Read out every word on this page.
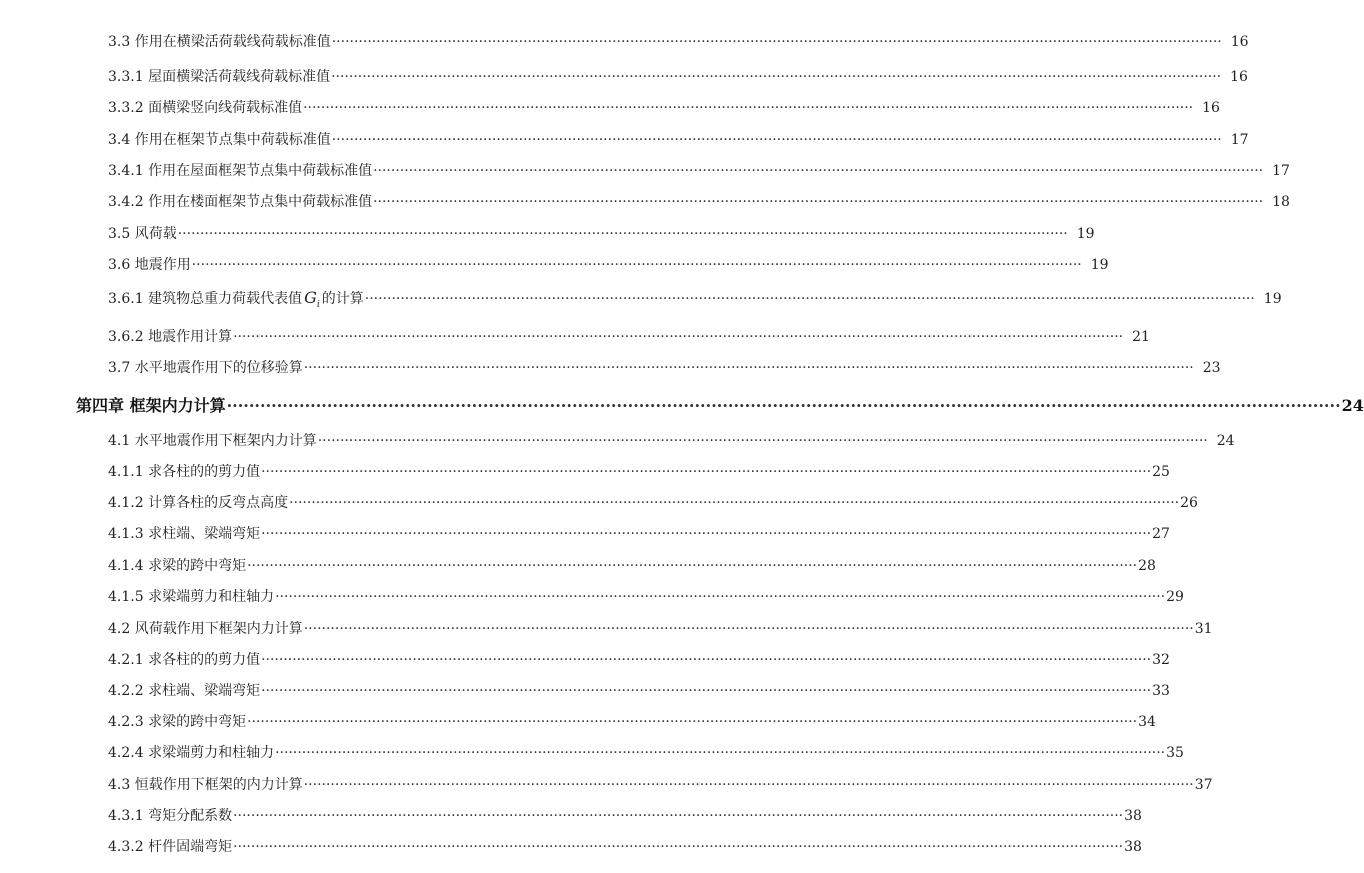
3.3 作用在横梁活荷载线荷载标准值 ········································································································································································································ 16
3.3.1 屋面横梁活荷载线荷载标准值 ········································································································································································································ 16
3.3.2 面横梁竖向线荷载标准值 ········································································································································································································ 16
3.4 作用在框架节点集中荷载标准值 ········································································································································································································ 17
3.4.1 作用在屋面框架节点集中荷载标准值 ········································································································································································································ 17
3.4.2 作用在楼面框架节点集中荷载标准值 ········································································································································································································ 18
3.5 风荷载 ········································································································································································································ 19
3.6 地震作用 ········································································································································································································ 19
3.6.1 建筑物总重力荷载代表值 $G_i$ 的计算 ········································································································································································································ 19
3.6.2 地震作用计算 ········································································································································································································ 21
3.7 水平地震作用下的位移验算 ········································································································································································································ 23
第四章 框架内力计算 ········································································································································································································ 24
4.1 水平地震作用下框架内力计算 ········································································································································································································ 24
4.1.1 求各柱的的剪力值 ········································································································································································································ 25
4.1.2 计算各柱的反弯点高度 ········································································································································································································ 26
4.1.3 求柱端、梁端弯矩 ········································································································································································································ 27
4.1.4 求梁的跨中弯矩 ········································································································································································································ 28
4.1.5 求梁端剪力和柱轴力 ········································································································································································································ 29
4.2 风荷载作用下框架内力计算 ········································································································································································································ 31
4.2.1 求各柱的的剪力值 ········································································································································································································ 32
4.2.2 求柱端、梁端弯矩 ········································································································································································································ 33
4.2.3 求梁的跨中弯矩 ········································································································································································································ 34
4.2.4 求梁端剪力和柱轴力 ········································································································································································································ 35
4.3 恒载作用下框架的内力计算 ········································································································································································································ 37
4.3.1 弯矩分配系数 ········································································································································································································ 38
4.3.2 杆件固端弯矩 ········································································································································································································ 38
